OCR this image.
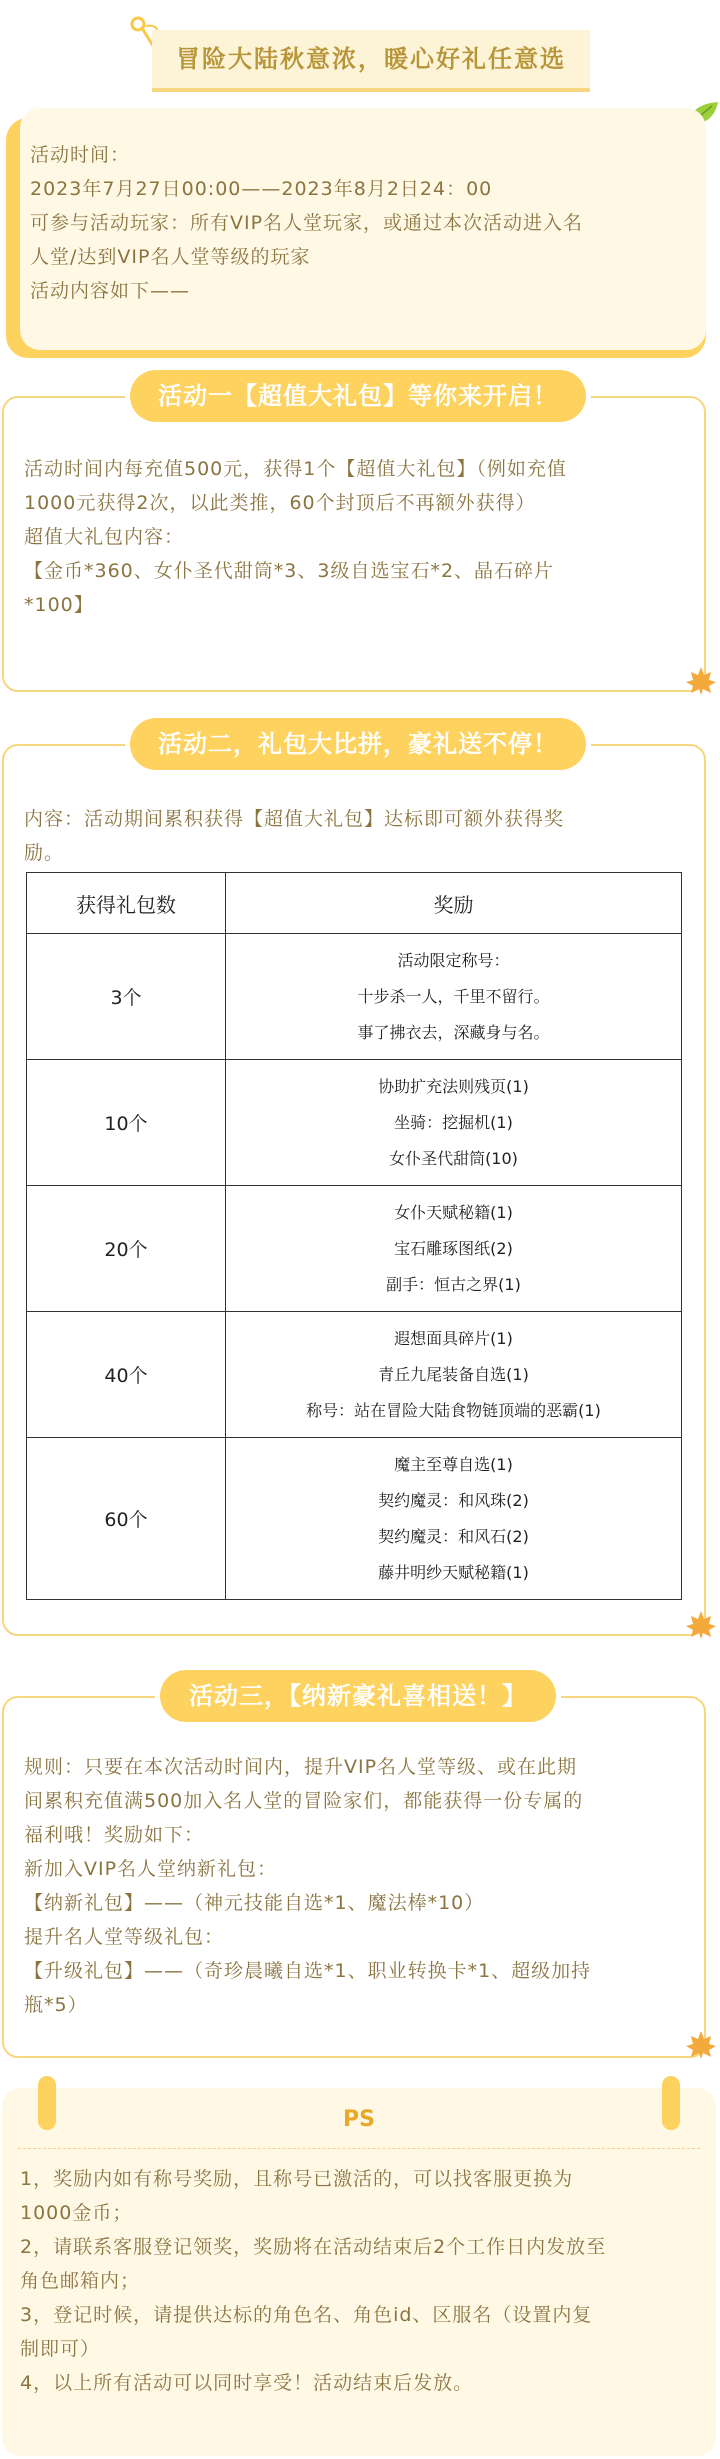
冒险大陆秋意浓，暖心好礼任意选

活动时间：

2023年7月27日00:00——2023年8月2日24：00

可参与活动玩家：所有VIP名人堂玩家，或通过本次活动进入名

人堂/达到VIP名人堂等级的玩家

活动内容如下——

活动时间内每充值500元，获得1个【超值大礼包】（例如充值

1000元获得2次，以此类推，60个封顶后不再额外获得）

超值大礼包内容：

【金币*360、女仆圣代甜筒*3、3级自选宝石*2、晶石碎片

*100】

活动一【超值大礼包】等你来开启！

内容：活动期间累积获得【超值大礼包】达标即可额外获得奖

励。

获得礼包数	奖励
3个	活动限定称号：
十步杀一人，千里不留行。
事了拂衣去，深藏身与名。

10个	协助扩充法则残页(1)
坐骑：挖掘机(1)
女仆圣代甜筒(10)

20个	女仆天赋秘籍(1)
宝石雕琢图纸(2)
副手：恒古之界(1)

40个	遐想面具碎片(1)
青丘九尾装备自选(1)
称号：站在冒险大陆食物链顶端的恶霸(1)

60个	魔主至尊自选(1)
契约魔灵：和风珠(2)
契约魔灵：和风石(2)
藤井明纱天赋秘籍(1)
活动二，礼包大比拼，豪礼送不停！

规则：只要在本次活动时间内，提升VIP名人堂等级、或在此期

间累积充值满500加入名人堂的冒险家们，都能获得一份专属的

福利哦！奖励如下：

新加入VIP名人堂纳新礼包：

【纳新礼包】——（神元技能自选*1、魔法棒*10）

提升名人堂等级礼包：

【升级礼包】——（奇珍晨曦自选*1、职业转换卡*1、超级加持

瓶*5）

活动三，【纳新豪礼喜相送！】
PS

1，奖励内如有称号奖励，且称号已激活的，可以找客服更换为

1000金币；

2，请联系客服登记领奖，奖励将在活动结束后2个工作日内发放至

角色邮箱内；

3，登记时候，请提供达标的角色名、角色id、区服名（设置内复

制即可）

4，以上所有活动可以同时享受！活动结束后发放。
